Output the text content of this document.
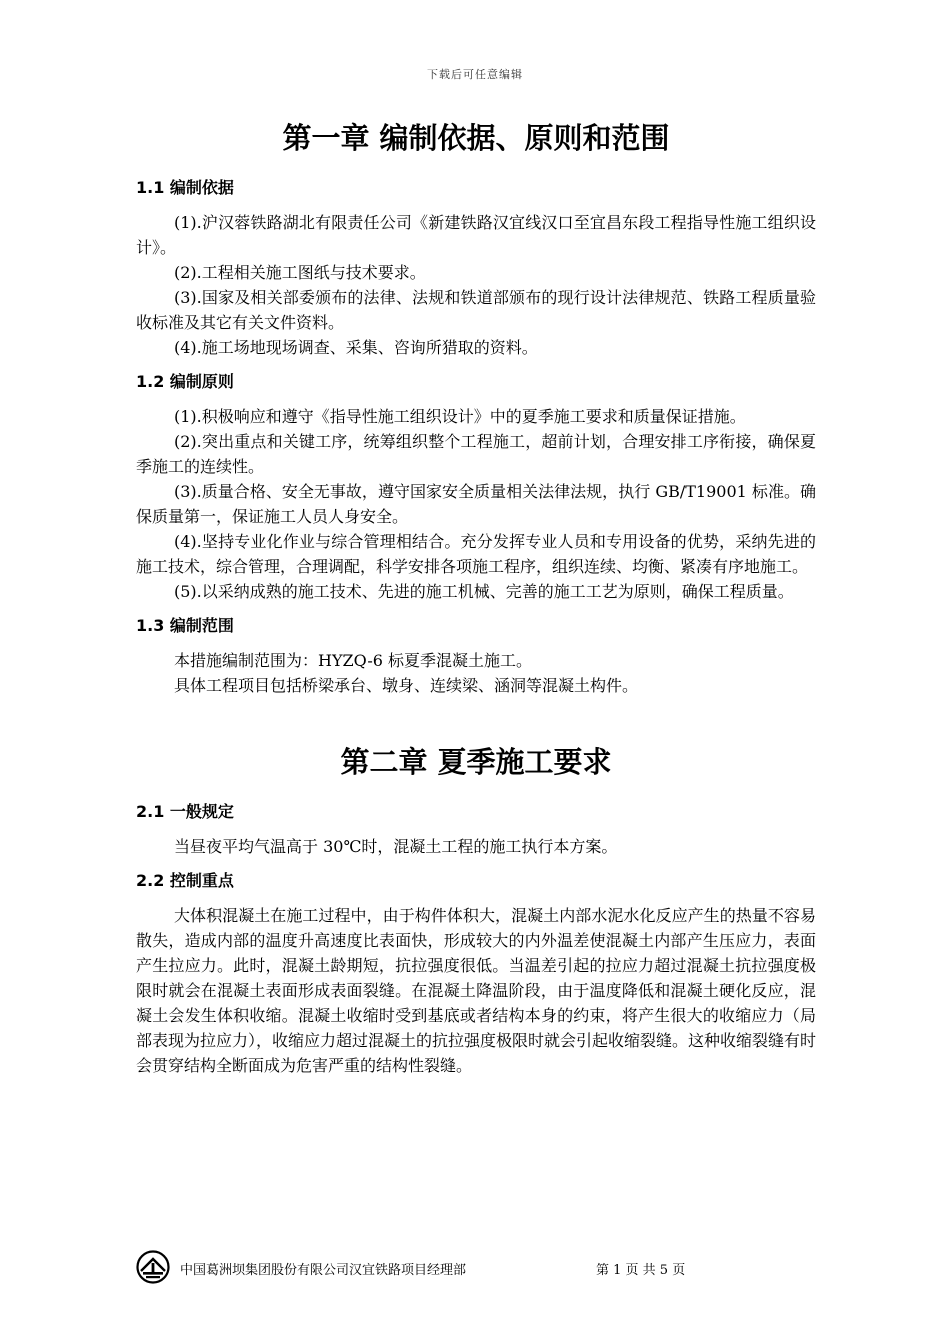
下载后可任意编辑
第一章 编制依据、原则和范围
1.1 编制依据

(1).沪汉蓉铁路湖北有限责任公司《新建铁路汉宜线汉口至宜昌东段工程指导性施工组织设计》。

(2).工程相关施工图纸与技术要求。

(3).国家及相关部委颁布的法律、法规和铁道部颁布的现行设计法律规范、铁路工程质量验收标准及其它有关文件资料。

(4).施工场地现场调查、采集、咨询所猎取的资料。

1.2 编制原则

(1).积极响应和遵守《指导性施工组织设计》中的夏季施工要求和质量保证措施。

(2).突出重点和关键工序，统筹组织整个工程施工，超前计划，合理安排工序衔接，确保夏季施工的连续性。

(3).质量合格、安全无事故，遵守国家安全质量相关法律法规，执行 GB/T19001 标准。确保质量第一，保证施工人员人身安全。

(4).坚持专业化作业与综合管理相结合。充分发挥专业人员和专用设备的优势，采纳先进的施工技术，综合管理，合理调配，科学安排各项施工程序，组织连续、均衡、紧凑有序地施工。

(5).以采纳成熟的施工技术、先进的施工机械、完善的施工工艺为原则，确保工程质量。

1.3 编制范围

本措施编制范围为：HYZQ-6 标夏季混凝土施工。

具体工程项目包括桥梁承台、墩身、连续梁、涵洞等混凝土构件。

第二章 夏季施工要求
2.1 一般规定

当昼夜平均气温高于 30℃时，混凝土工程的施工执行本方案。

2.2 控制重点

大体积混凝土在施工过程中，由于构件体积大，混凝土内部水泥水化反应产生的热量不容易散失，造成内部的温度升高速度比表面快，形成较大的内外温差使混凝土内部产生压应力，表面产生拉应力。此时，混凝土龄期短，抗拉强度很低。当温差引起的拉应力超过混凝土抗拉强度极限时就会在混凝土表面形成表面裂缝。在混凝土降温阶段，由于温度降低和混凝土硬化反应，混凝土会发生体积收缩。混凝土收缩时受到基底或者结构本身的约束，将产生很大的收缩应力（局部表现为拉应力），收缩应力超过混凝土的抗拉强度极限时就会引起收缩裂缝。这种收缩裂缝有时会贯穿结构全断面成为危害严重的结构性裂缝。

中国葛洲坝集团股份有限公司汉宜铁路项目经理部	第 1 页 共 5 页
